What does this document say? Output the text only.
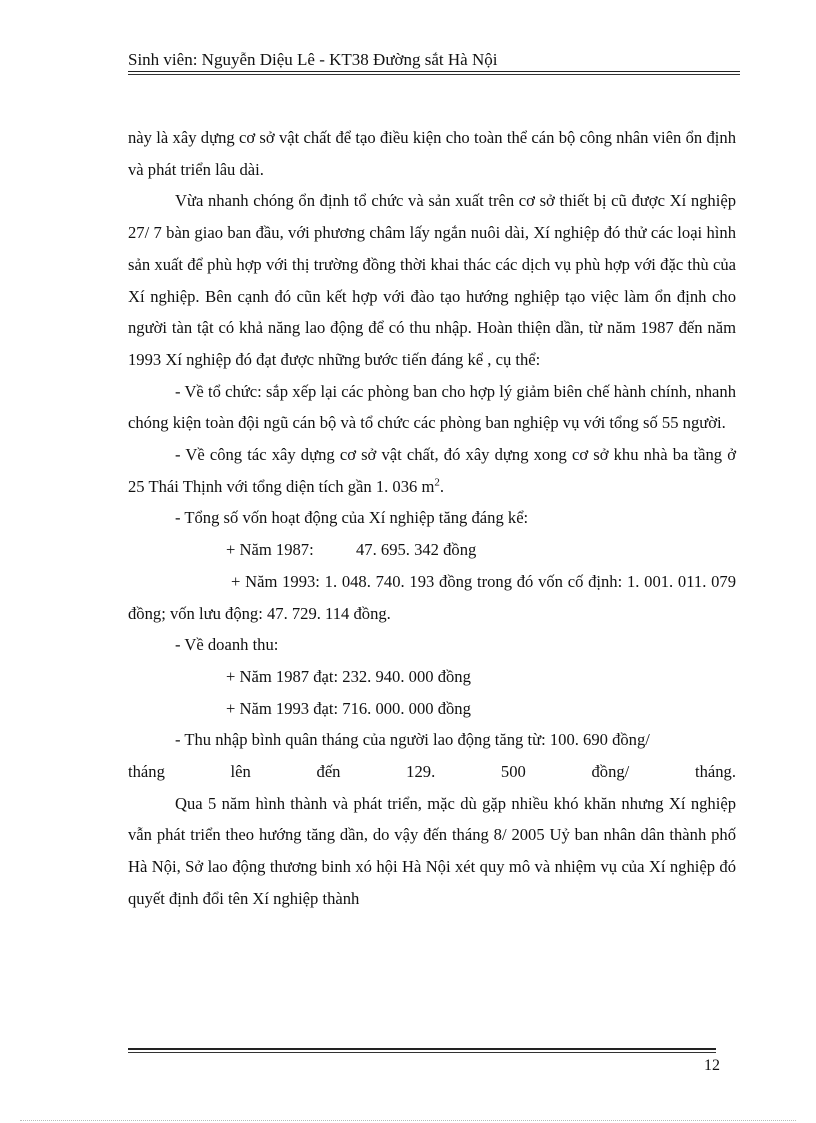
Sinh viên: Nguyễn Diệu Lê - KT38 Đường sắt Hà Nội

này là xây dựng cơ sở vật chất để tạo điều kiện cho toàn thể cán bộ công nhân viên ổn định và phát triển lâu dài.

Vừa nhanh chóng ổn định tổ chức và sản xuất trên cơ sở thiết bị cũ được Xí nghiệp 27/ 7 bàn giao ban đầu, với phương châm lấy ngắn nuôi dài, Xí nghiệp đó thử các loại hình sản xuất để phù hợp với thị trường đồng thời khai thác các dịch vụ phù hợp với đặc thù của Xí nghiệp. Bên cạnh đó cũn kết hợp với đào tạo hướng nghiệp tạo việc làm ổn định cho người tàn tật có khả năng lao động để có thu nhập. Hoàn thiện dần, từ năm 1987 đến năm 1993 Xí nghiệp đó đạt được những bước tiến đáng kể , cụ thể:

- Về tổ chức: sắp xếp lại các phòng ban cho hợp lý giảm biên chế hành chính, nhanh chóng kiện toàn đội ngũ cán bộ và tổ chức các phòng ban nghiệp vụ với tổng số 55 người.

- Về công tác xây dựng cơ sở vật chất, đó xây dựng xong cơ sở khu nhà ba tầng ở 25 Thái Thịnh với tổng diện tích gần 1. 036 $m^2$.

- Tổng số vốn hoạt động của Xí nghiệp tăng đáng kể:

+ Năm 1987:	47. 695. 342 đồng

+ Năm 1993: 1. 048. 740. 193 đồng trong đó vốn cố định: 1. 001. 011. 079 đồng; vốn lưu động: 47. 729. 114 đồng.

- Về doanh thu:

+ Năm 1987 đạt: 232. 940. 000 đồng

+ Năm 1993 đạt: 716. 000. 000 đồng

- Thu nhập bình quân tháng của người lao động tăng từ: 100. 690 đồng/

tháng lên đến 129. 500 đồng/ tháng.

Qua 5 năm hình thành và phát triển, mặc dù gặp nhiều khó khăn nhưng Xí nghiệp vẫn phát triển theo hướng tăng dần, do vậy đến tháng 8/ 2005 Uỷ ban nhân dân thành phố Hà Nội, Sở lao động thương binh xó hội Hà Nội xét quy mô và nhiệm vụ của Xí nghiệp đó quyết định đổi tên Xí nghiệp thành

12
